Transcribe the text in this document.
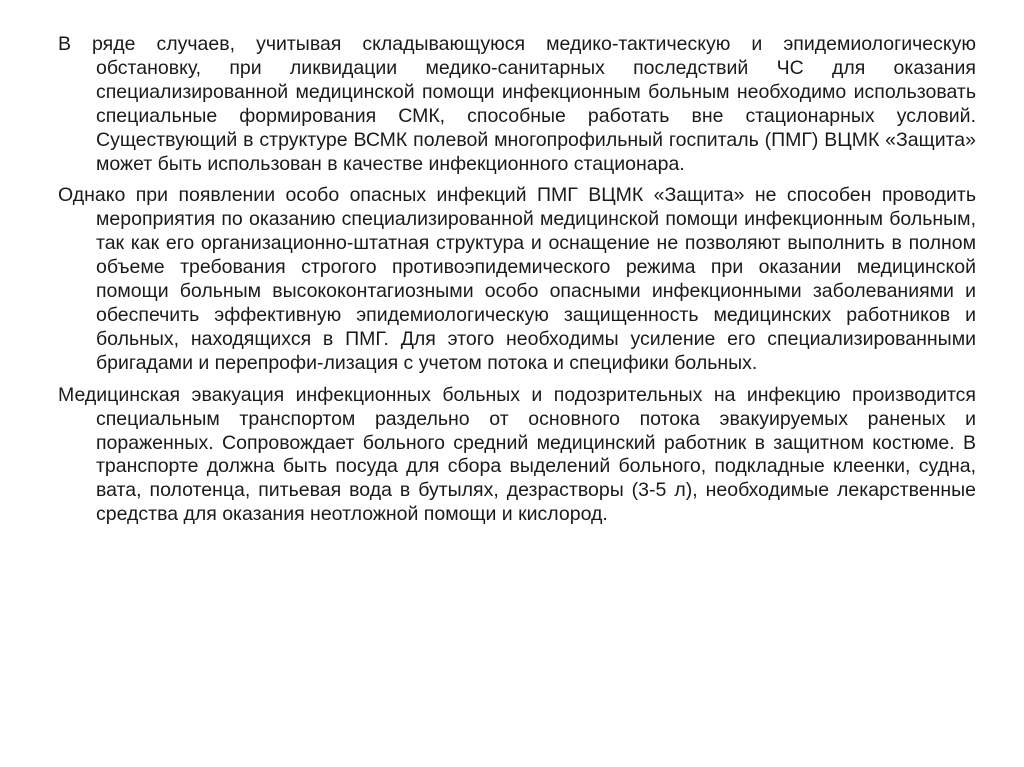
В ряде случаев, учитывая складывающуюся медико-тактическую и эпидемиологическую обстановку, при ликвидации медико-санитарных последствий ЧС для оказания специализированной медицинской помощи инфекционным больным необходимо использовать специальные формирования СМК, способные работать вне стационарных условий. Существующий в структуре ВСМК полевой многопрофильный госпиталь (ПМГ) ВЦМК «Защита» может быть использован в качестве инфекционного стационара.

Однако при появлении особо опасных инфекций ПМГ ВЦМК «Защита» не способен проводить мероприятия по оказанию специализированной медицинской помощи инфекционным больным, так как его организационно-штатная структура и оснащение не позволяют выполнить в полном объеме требования строгого противоэпидемического режима при оказании медицинской помощи больным высококонтагиозными особо опасными инфекционными заболеваниями и обеспечить эффективную эпидемиологическую защищенность медицинских работников и больных, находящихся в ПМГ. Для этого необходимы усиление его специализированными бригадами и перепрофи-лизация с учетом потока и специфики больных.

Медицинская эвакуация инфекционных больных и подозрительных на инфекцию производится специальным транспортом раздельно от основного потока эвакуируемых раненых и пораженных. Сопровождает больного средний медицинский работник в защитном костюме. В транспорте должна быть посуда для сбора выделений больного, подкладные клеенки, судна, вата, полотенца, питьевая вода в бутылях, дезрастворы (3-5 л), необходимые лекарственные средства для оказания неотложной помощи и кислород.
